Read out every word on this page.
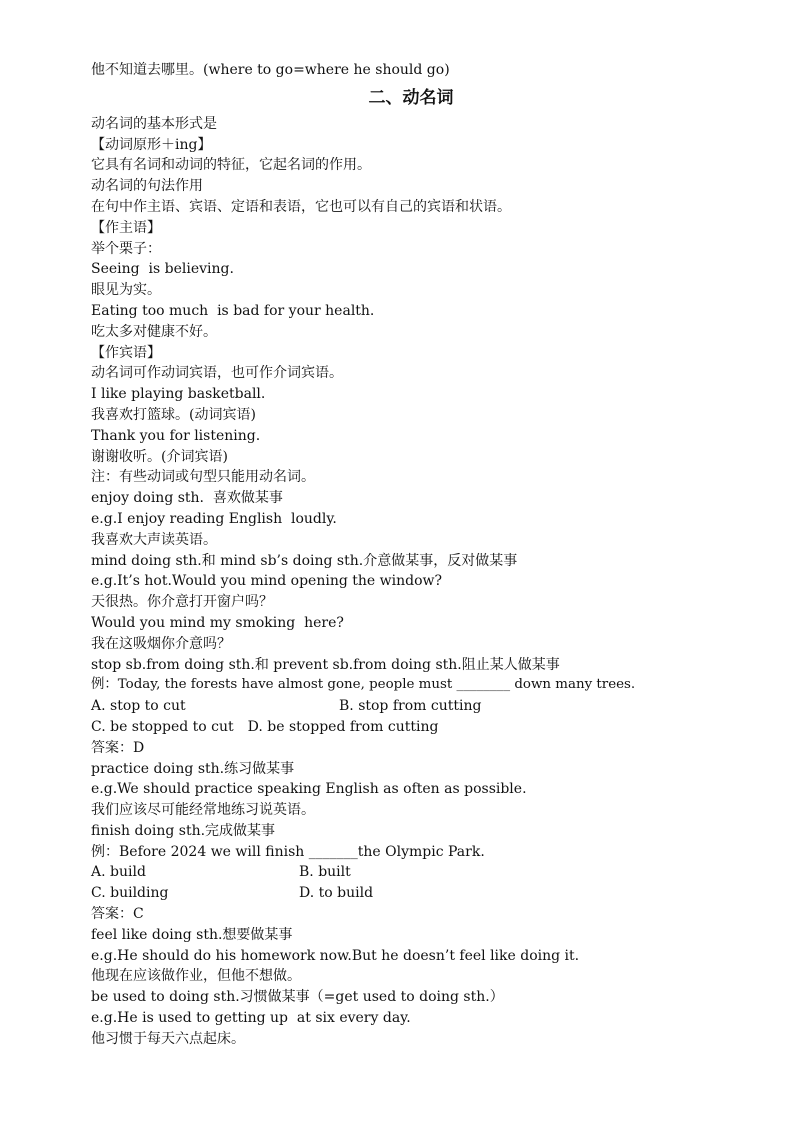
他不知道去哪里。(where to go=where he should go)
二、动名词
动名词的基本形式是
【动词原形＋ing】
它具有名词和动词的特征，它起名词的作用。
动名词的句法作用
在句中作主语、宾语、定语和表语，它也可以有自己的宾语和状语。
【作主语】
举个栗子：
Seeing  is believing.
眼见为实。
Eating too much  is bad for your health.
吃太多对健康不好。
【作宾语】
动名词可作动词宾语，也可作介词宾语。
I like playing basketball.
我喜欢打篮球。(动词宾语)
Thank you for listening.
谢谢收听。(介词宾语)
注：有些动词或句型只能用动名词。
enjoy doing sth.  喜欢做某事
e.g.I enjoy reading English  loudly.
我喜欢大声读英语。
mind doing sth.和 mind sb’s doing sth.介意做某事，反对做某事
e.g.It’s hot.Would you mind opening the window?
天很热。你介意打开窗户吗？
Would you mind my smoking  here?
我在这吸烟你介意吗？
stop sb.from doing sth.和 prevent sb.from doing sth.阻止某人做某事
例：Today, the forests have almost gone, people must ________ down many trees.
A. stop to cut	B. stop from cutting
C. be stopped to cut D. be stopped from cutting
答案：D
practice doing sth.练习做某事
e.g.We should practice speaking English as often as possible.
我们应该尽可能经常地练习说英语。
finish doing sth.完成做某事
例：Before 2024 we will finish _______the Olympic Park.
A. build	B. built
C. building	D. to build
答案：C
feel like doing sth.想要做某事
e.g.He should do his homework now.But he doesn’t feel like doing it.
他现在应该做作业，但他不想做。
be used to doing sth.习惯做某事（=get used to doing sth.）
e.g.He is used to getting up  at six every day.
他习惯于每天六点起床。
